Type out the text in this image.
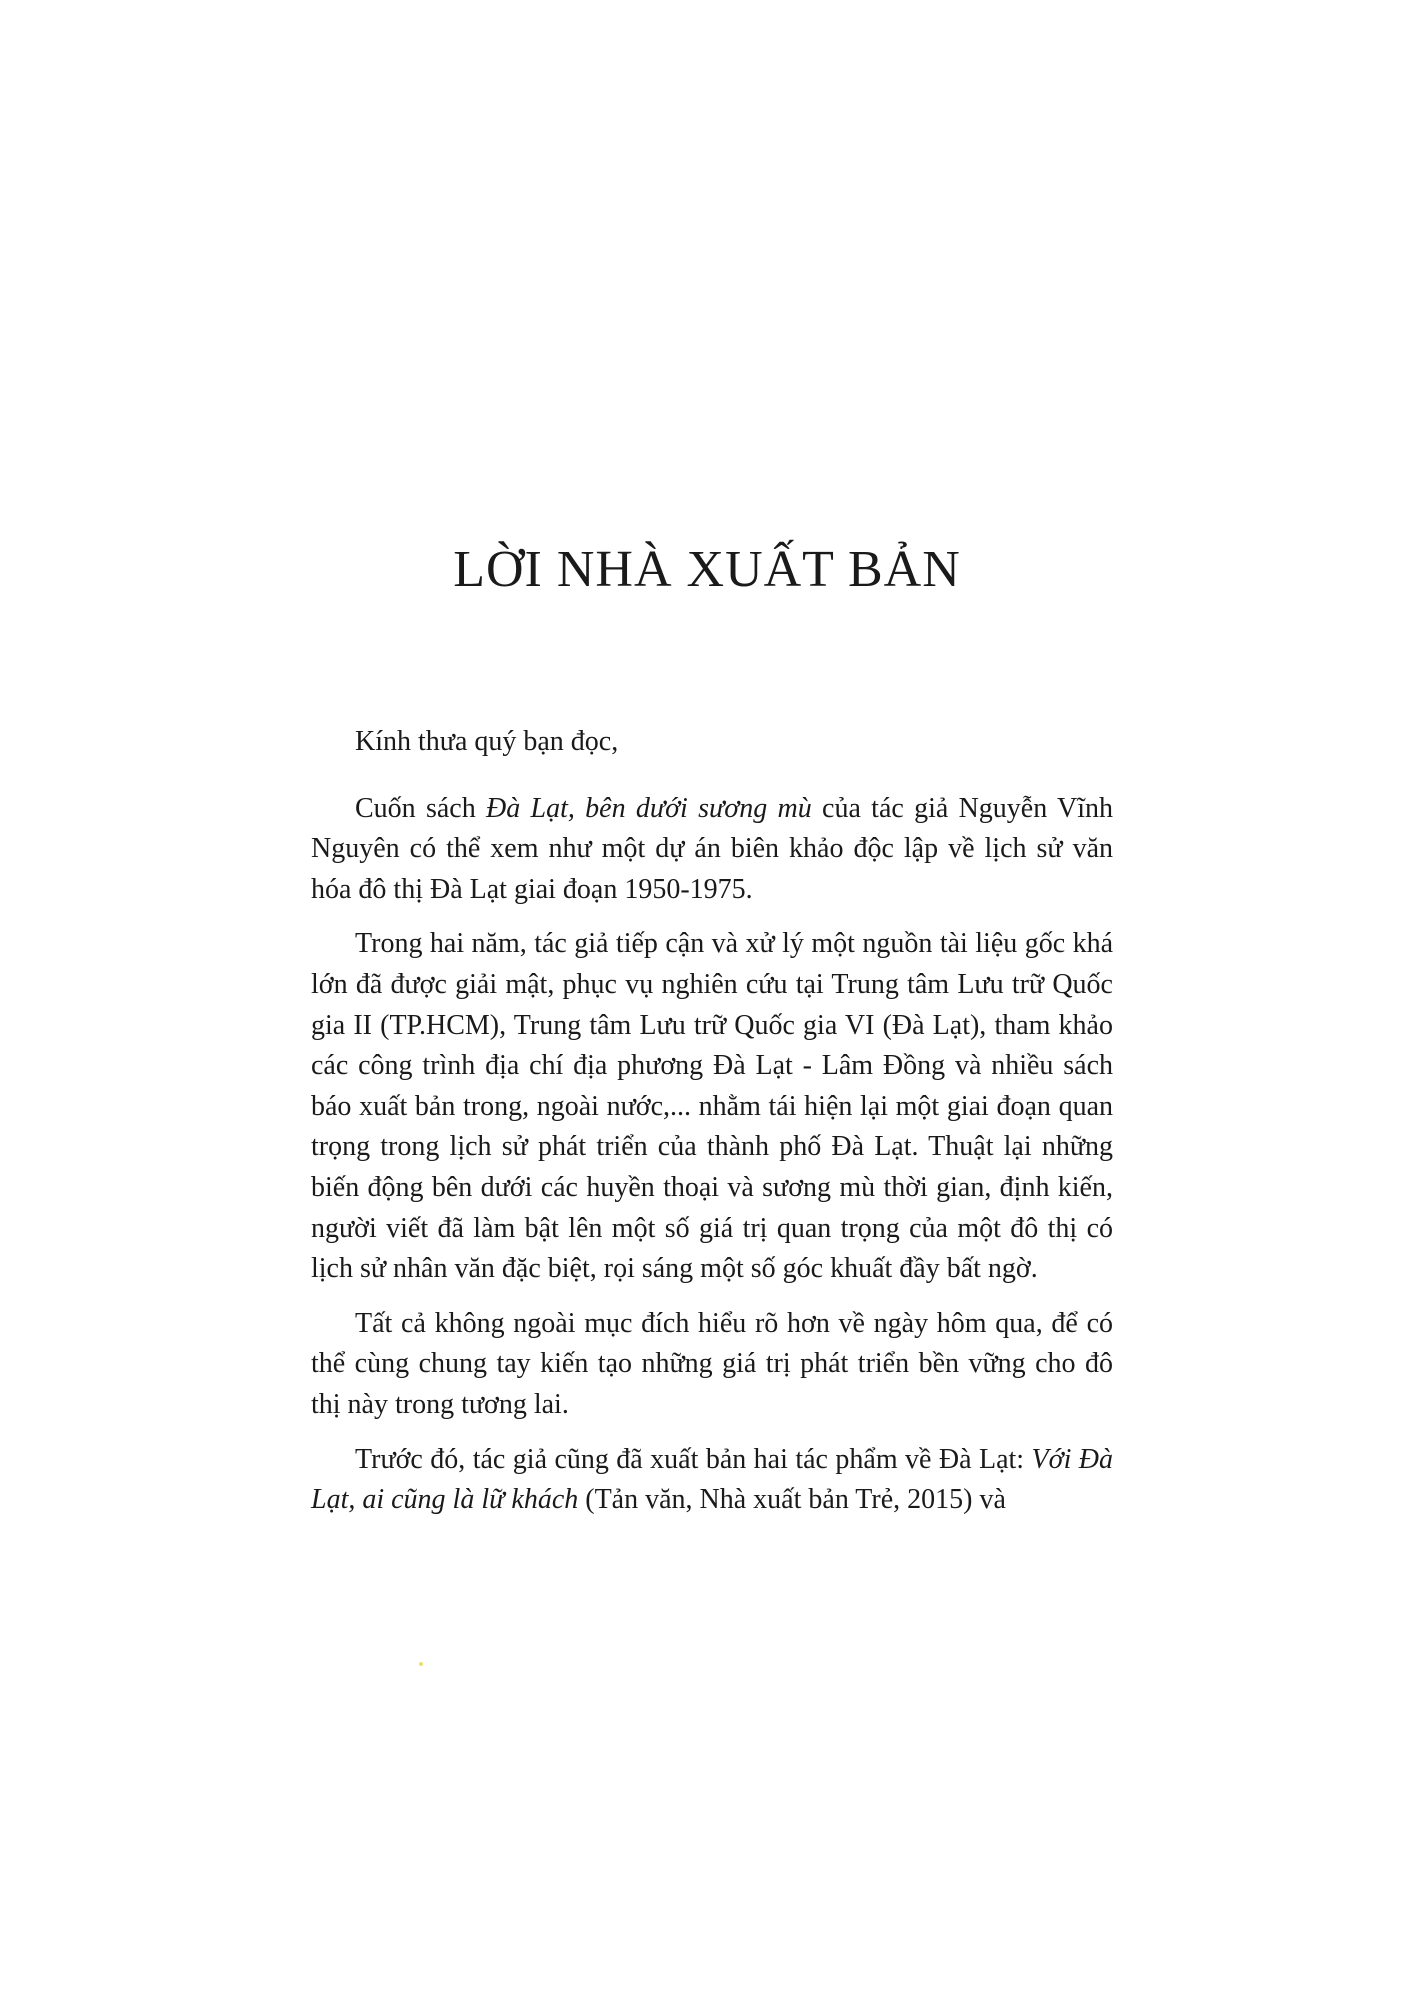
LỜI NHÀ XUẤT BẢN

Kính thưa quý bạn đọc,

Cuốn sách Đà Lạt, bên dưới sương mù của tác giả Nguyễn Vĩnh Nguyên có thể xem như một dự án biên khảo độc lập về lịch sử văn hóa đô thị Đà Lạt giai đoạn 1950-1975.

Trong hai năm, tác giả tiếp cận và xử lý một nguồn tài liệu gốc khá lớn đã được giải mật, phục vụ nghiên cứu tại Trung tâm Lưu trữ Quốc gia II (TP.HCM), Trung tâm Lưu trữ Quốc gia VI (Đà Lạt), tham khảo các công trình địa chí địa phương Đà Lạt - Lâm Đồng và nhiều sách báo xuất bản trong, ngoài nước,... nhằm tái hiện lại một giai đoạn quan trọng trong lịch sử phát triển của thành phố Đà Lạt. Thuật lại những biến động bên dưới các huyền thoại và sương mù thời gian, định kiến, người viết đã làm bật lên một số giá trị quan trọng của một đô thị có lịch sử nhân văn đặc biệt, rọi sáng một số góc khuất đầy bất ngờ.

Tất cả không ngoài mục đích hiểu rõ hơn về ngày hôm qua, để có thể cùng chung tay kiến tạo những giá trị phát triển bền vững cho đô thị này trong tương lai.

Trước đó, tác giả cũng đã xuất bản hai tác phẩm về Đà Lạt: Với Đà Lạt, ai cũng là lữ khách (Tản văn, Nhà xuất bản Trẻ, 2015) và
